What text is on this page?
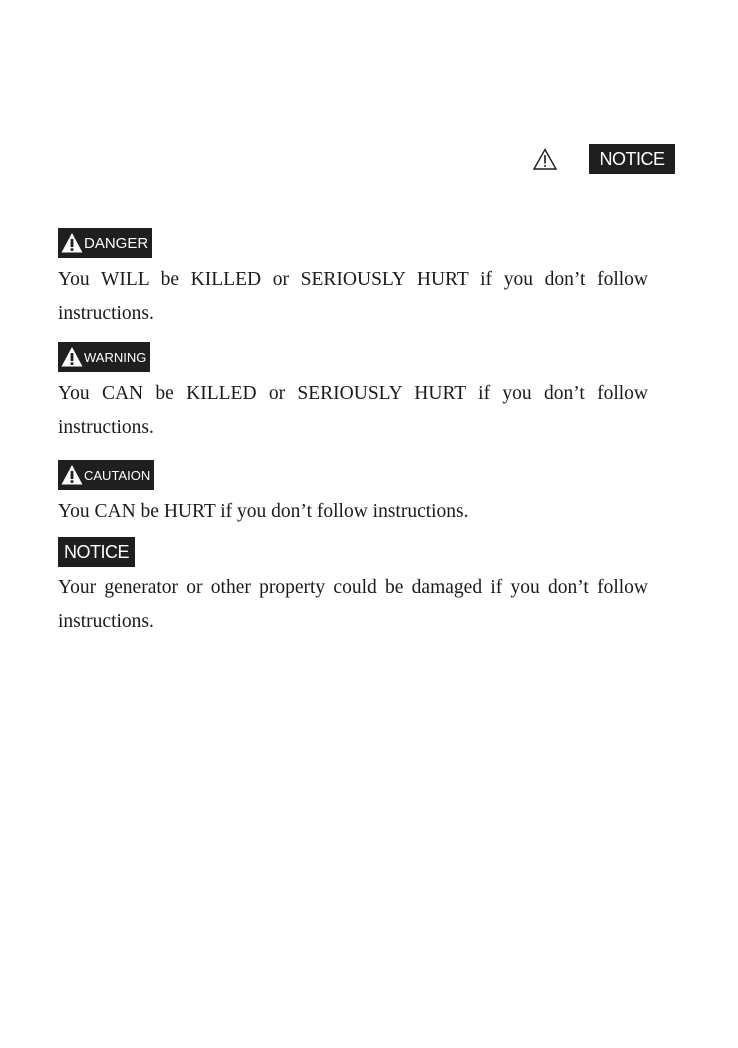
NOTICE
DANGER

You WILL be KILLED or SERIOUSLY HURT if you don’t follow instructions.

WARNING

You CAN be KILLED or SERIOUSLY HURT if you don’t follow instructions.

CAUTAION

You CAN be HURT if you don’t follow instructions.

NOTICE

Your generator or other property could be damaged if you don’t follow instructions.
